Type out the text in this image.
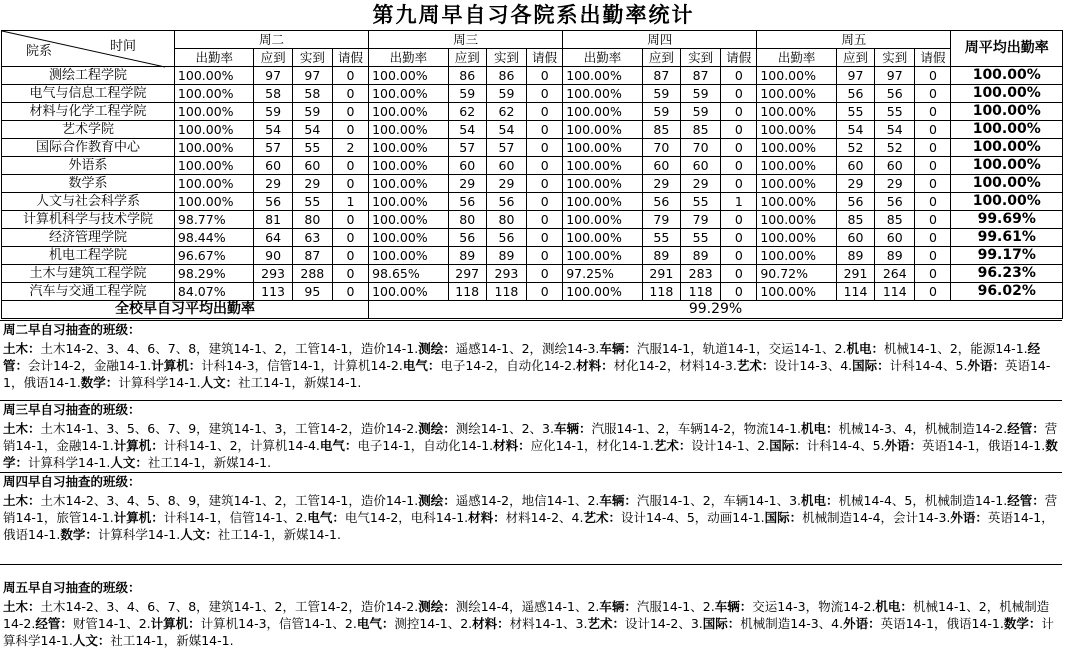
第九周早自习各院系出勤率统计
院系 时间	周二				周三				周四				周五				周平均出勤率
	出勤率	应到	实到	请假	出勤率	应到	实到	请假	出勤率	应到	实到	请假	出勤率	应到	实到	请假	
测绘工程学院	100.00%	97	97	0	100.00%	86	86	0	100.00%	87	87	0	100.00%	97	97	0	100.00%
电气与信息工程学院	100.00%	58	58	0	100.00%	59	59	0	100.00%	59	59	0	100.00%	56	56	0	100.00%
材料与化学工程学院	100.00%	59	59	0	100.00%	62	62	0	100.00%	59	59	0	100.00%	55	55	0	100.00%
艺术学院	100.00%	54	54	0	100.00%	54	54	0	100.00%	85	85	0	100.00%	54	54	0	100.00%
国际合作教育中心	100.00%	57	55	2	100.00%	57	57	0	100.00%	70	70	0	100.00%	52	52	0	100.00%
外语系	100.00%	60	60	0	100.00%	60	60	0	100.00%	60	60	0	100.00%	60	60	0	100.00%
数学系	100.00%	29	29	0	100.00%	29	29	0	100.00%	29	29	0	100.00%	29	29	0	100.00%
人文与社会科学系	100.00%	56	55	1	100.00%	56	56	0	100.00%	56	55	1	100.00%	56	56	0	100.00%
计算机科学与技术学院	98.77%	81	80	0	100.00%	80	80	0	100.00%	79	79	0	100.00%	85	85	0	99.69%
经济管理学院	98.44%	64	63	0	100.00%	56	56	0	100.00%	55	55	0	100.00%	60	60	0	99.61%
机电工程学院	96.67%	90	87	0	100.00%	89	89	0	100.00%	89	89	0	100.00%	89	89	0	99.17%
土木与建筑工程学院	98.29%	293	288	0	98.65%	297	293	0	97.25%	291	283	0	90.72%	291	264	0	96.23%
汽车与交通工程学院	84.07%	113	95	0	100.00%	118	118	0	100.00%	118	118	0	100.00%	114	114	0	96.02%
全校早自习平均出勤率					99.29%												
周二早自习抽查的班级：
土木：土木14-2、3、4、6、7、8，建筑14-1、2，工管14-1，造价14-1.测绘：遥感14-1、2，测绘14-3.车辆：汽服14-1，轨道14-1，交运14-1、2.机电：机械14-1、2，能源14-1.经管：会计14-2，金融14-1.计算机：计科14-3，信管14-1，计算机14-2.电气：电子14-2，自动化14-2.材料：材化14-2，材料14-3.艺术：设计14-3、4.国际：计科14-4、5.外语：英语14-1，俄语14-1.数学：计算科学14-1.人文：社工14-1，新媒14-1.
周三早自习抽查的班级：
土木：土木14-1、3、5、6、7、9，建筑14-1、3，工管14-2，造价14-2.测绘：测绘14-1、2、3.车辆：汽服14-1、2，车辆14-2，物流14-1.机电：机械14-3、4，机械制造14-2.经管：营销14-1，金融14-1.计算机：计科14-1、2，计算机14-4.电气：电子14-1，自动化14-1.材料：应化14-1，材化14-1.艺术：设计14-1、2.国际：计科14-4、5.外语：英语14-1，俄语14-1.数学：计算科学14-1.人文：社工14-1，新媒14-1.
周四早自习抽查的班级：
土木：土木14-2、3、4、5、8、9，建筑14-1、2，工管14-1，造价14-1.测绘：遥感14-2，地信14-1、2.车辆：汽服14-1、2，车辆14-1、3.机电：机械14-4、5，机械制造14-1.经管：营销14-1，旅管14-1.计算机：计科14-1，信管14-1、2.电气：电气14-2，电科14-1.材料：材料14-2、4.艺术：设计14-4、5，动画14-1.国际：机械制造14-4，会计14-3.外语：英语14-1，俄语14-1.数学：计算科学14-1.人文：社工14-1，新媒14-1.
周五早自习抽查的班级：
土木：土木14-2、3、4、6、7、8，建筑14-1、2，工管14-2，造价14-2.测绘：测绘14-4，遥感14-1、2.车辆：汽服14-1、2.车辆：交运14-3，物流14-2.机电：机械14-1、2，机械制造14-2.经管：财管14-1、2.计算机：计算机14-3，信管14-1、2.电气：测控14-1、2.材料：材料14-1、3.艺术：设计14-2、3.国际：机械制造14-3、4.外语：英语14-1，俄语14-1.数学：计算科学14-1.人文：社工14-1，新媒14-1.
